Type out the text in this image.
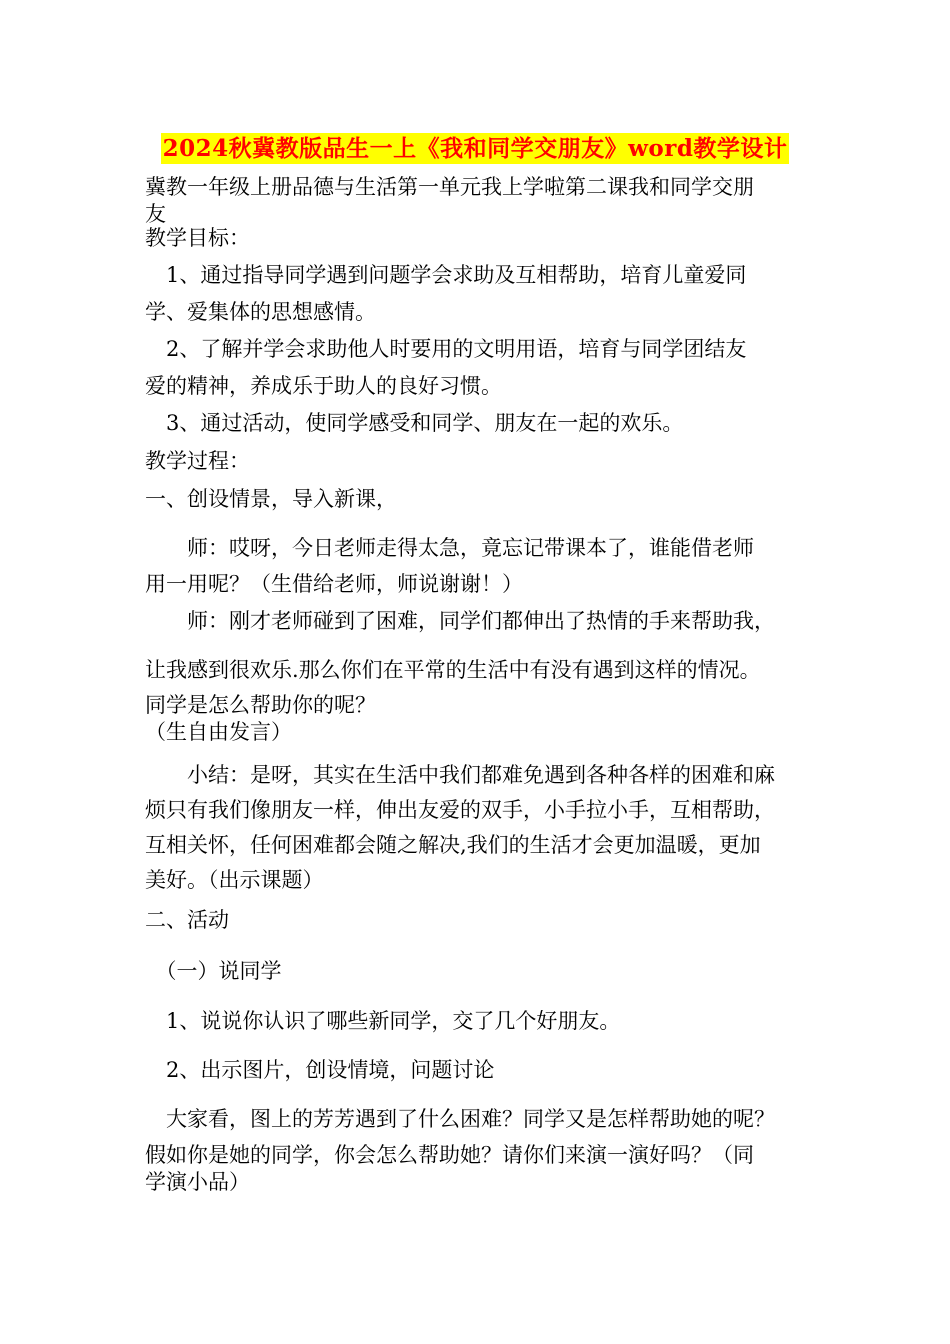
2024秋冀教版品生一上《我和同学交朋友》word教学设计
冀教一年级上册品德与生活第一单元我上学啦第二课我和同学交朋
友
教学目标：
　1、通过指导同学遇到问题学会求助及互相帮助，培育儿童爱同
学、爱集体的思想感情。
　2、了解并学会求助他人时要用的文明用语，培育与同学团结友
爱的精神，养成乐于助人的良好习惯。
　3、通过活动，使同学感受和同学、朋友在一起的欢乐。
教学过程：
一、创设情景，导入新课，
　　师：哎呀，今日老师走得太急，竟忘记带课本了，谁能借老师
用一用呢？（生借给老师，师说谢谢！）
　　师：刚才老师碰到了困难，同学们都伸出了热情的手来帮助我，
让我感到很欢乐.那么你们在平常的生活中有没有遇到这样的情况。
同学是怎么帮助你的呢？
（生自由发言）
　　小结：是呀，其实在生活中我们都难免遇到各种各样的困难和麻
烦只有我们像朋友一样，伸出友爱的双手，小手拉小手，互相帮助，
互相关怀，任何困难都会随之解决,我们的生活才会更加温暖，更加
美好。（出示课题）
二、活动
　（一）说同学
　1、说说你认识了哪些新同学，交了几个好朋友。
　2、出示图片，创设情境，问题讨论
　大家看，图上的芳芳遇到了什么困难？同学又是怎样帮助她的呢？
假如你是她的同学，你会怎么帮助她？请你们来演一演好吗？（同
学演小品）
